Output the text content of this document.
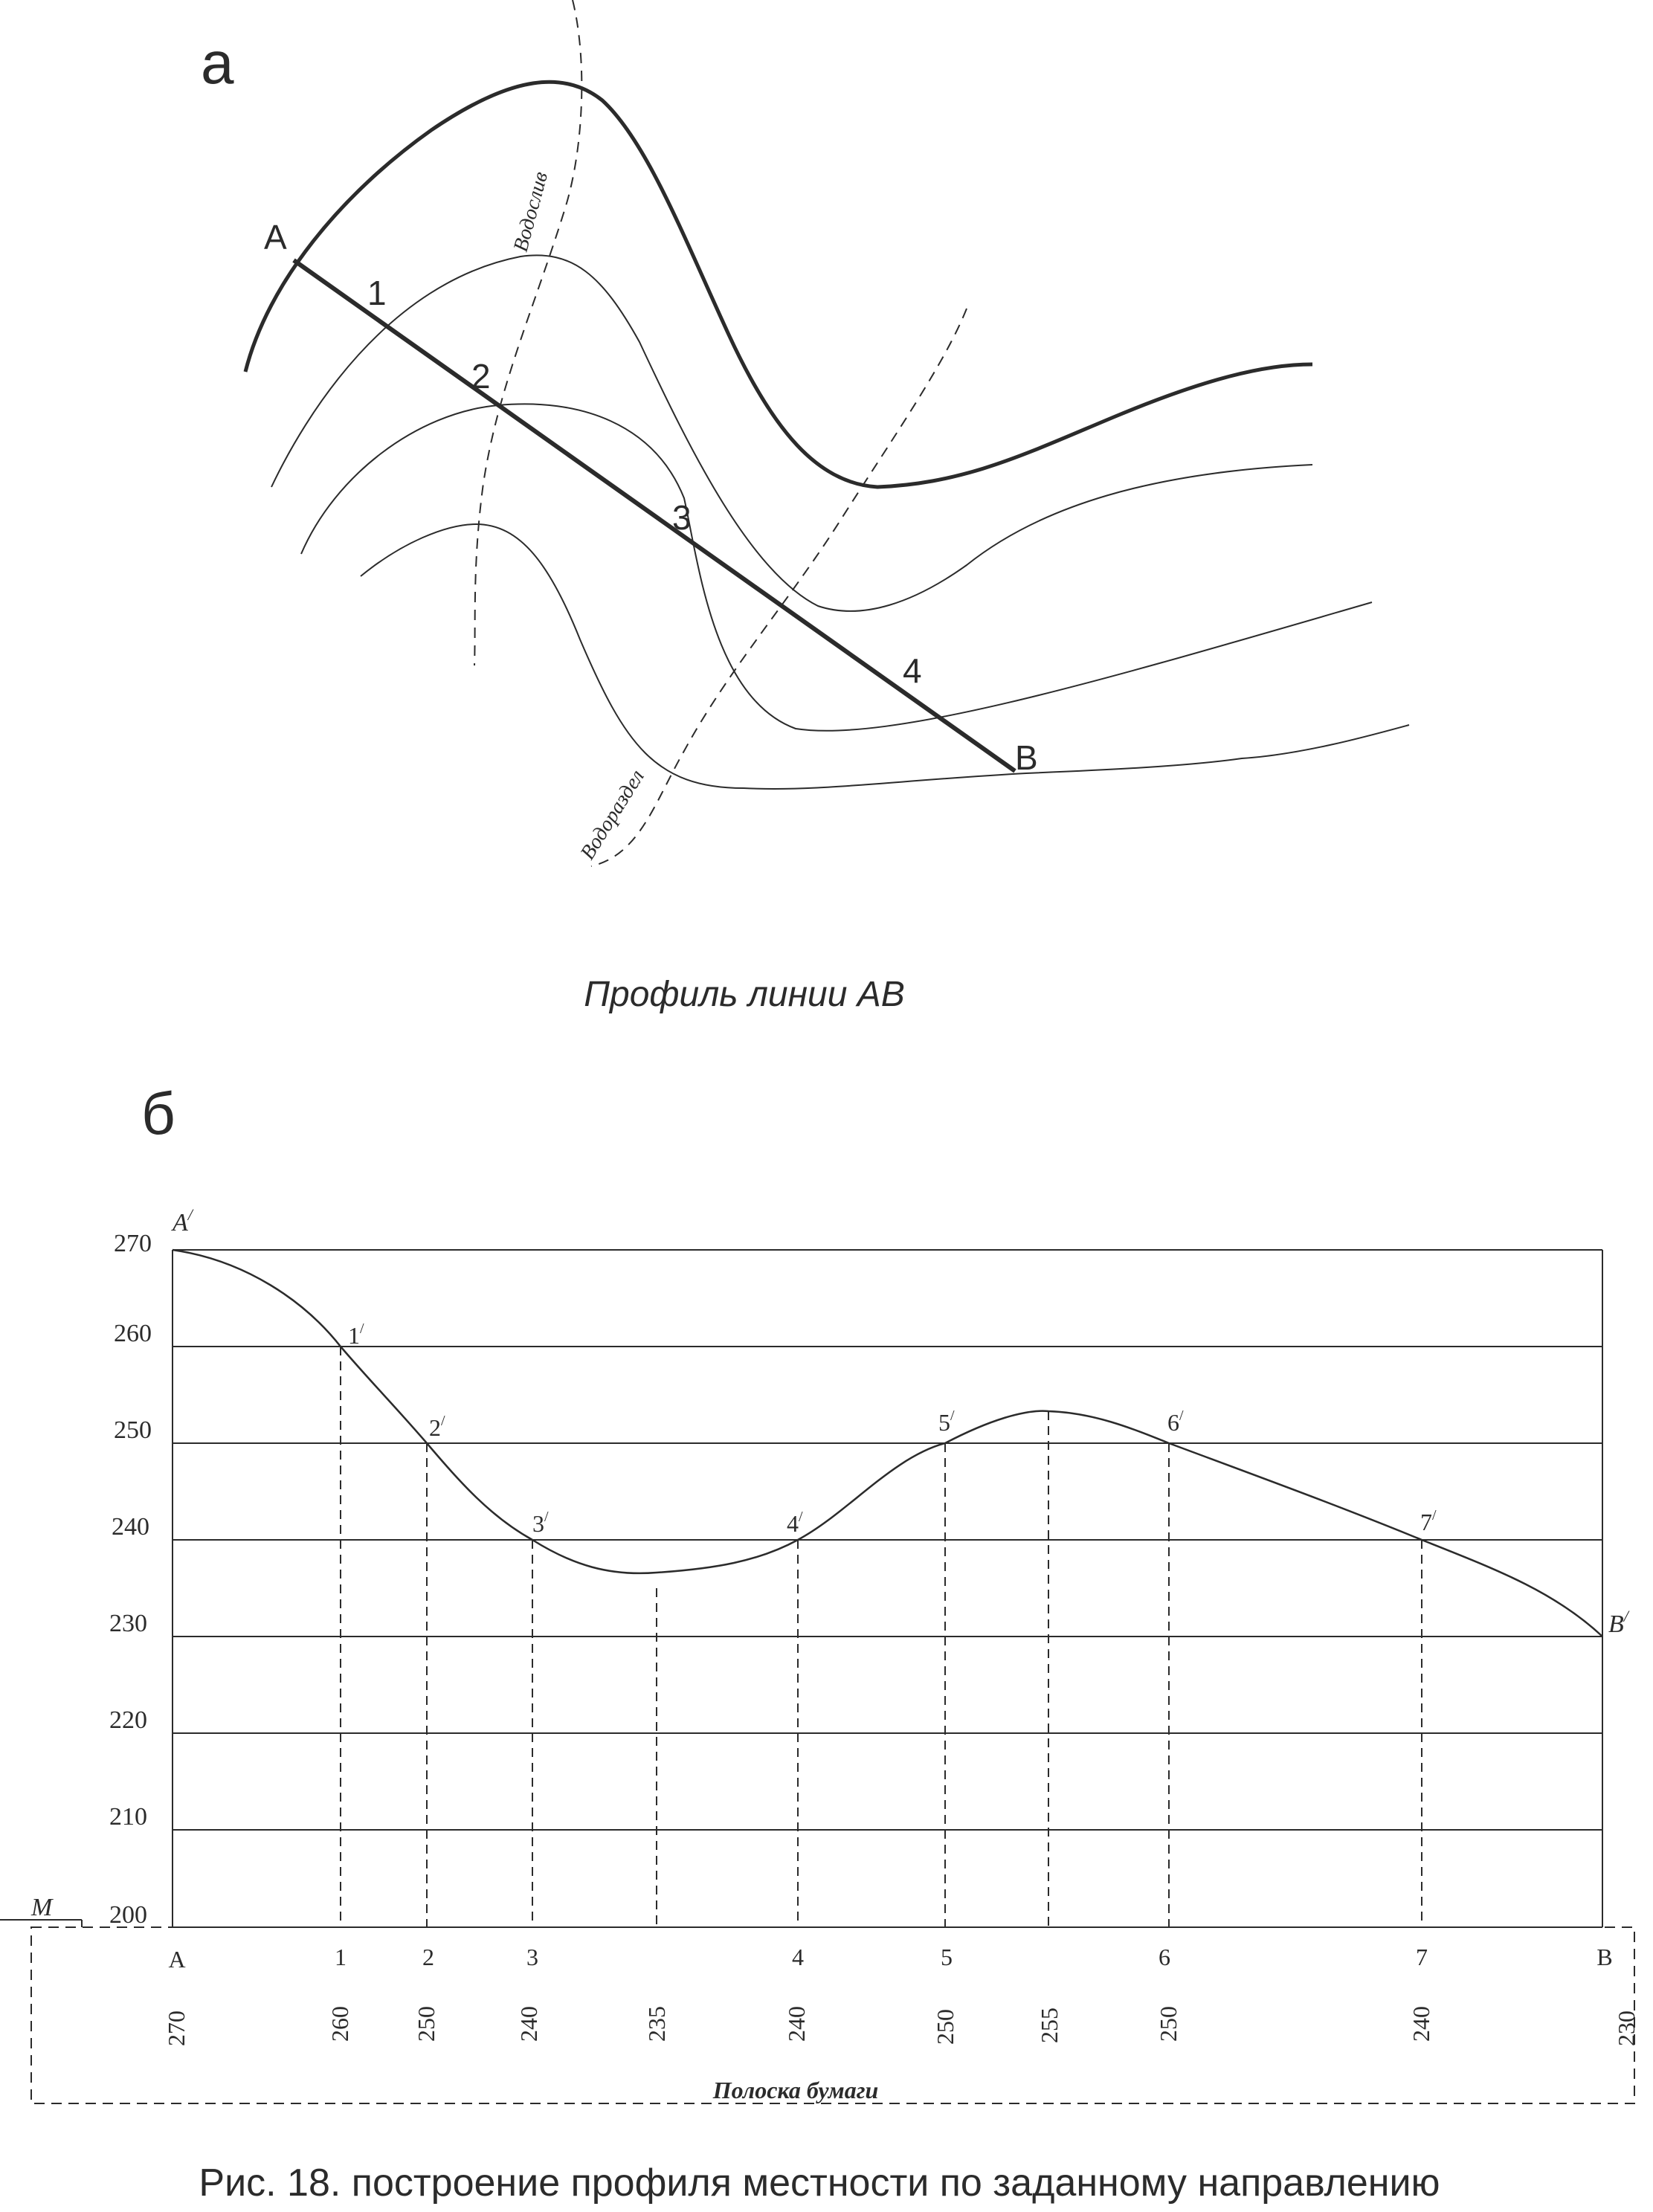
а
Водослив
Водораздел
A
B
1
2
3
4
Профиль линии АВ
б
270
260
250
240
230
220
210
200
A/
1/
2/
3/	4/
5/	6/
7/
B/
M
A	1	2	3	4	5	6	7	B
270	260	250	240	235	240	250	255	250	240	230
Полоска бумаги
Рис. 18. построение профиля местности по заданному направлению
